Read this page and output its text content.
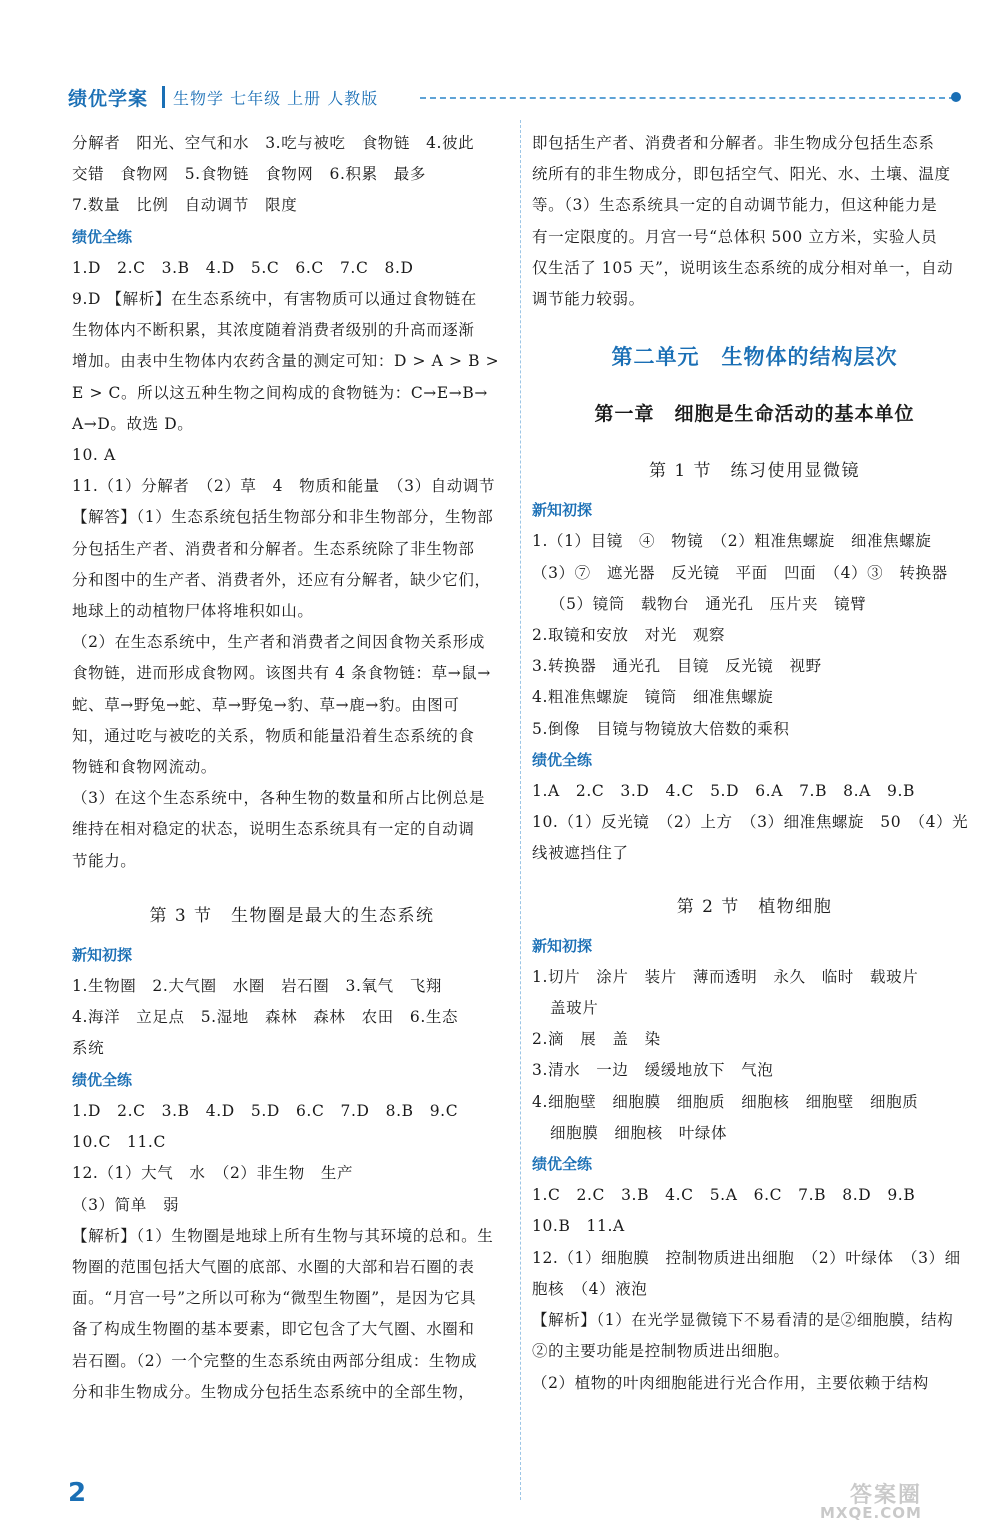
绩优学案 生物学 七年级 上册 人教版
分解者　阳光、空气和水　3.吃与被吃　食物链　4.彼此
交错　食物网　5.食物链　食物网　6.积累　最多
7.数量　比例　自动调节　限度
绩优全练
1.D　2.C　3.B　4.D　5.C　6.C　7.C　8.D
9.D 【解析】在生态系统中，有害物质可以通过食物链在
生物体内不断积累，其浓度随着消费者级别的升高而逐渐
增加。由表中生物体内农药含量的测定可知：D > A > B >
E > C。所以这五种生物之间构成的食物链为：C→E→B→
A→D。故选 D。
10. A
11.（1）分解者　（2）草　4　物质和能量　（3）自动调节
【解答】（1）生态系统包括生物部分和非生物部分，生物部
分包括生产者、消费者和分解者。生态系统除了非生物部
分和图中的生产者、消费者外，还应有分解者，缺少它们，
地球上的动植物尸体将堆积如山。
（2）在生态系统中，生产者和消费者之间因食物关系形成
食物链，进而形成食物网。该图共有 4 条食物链：草→鼠→
蛇、草→野兔→蛇、草→野兔→豹、草→鹿→豹。由图可
知，通过吃与被吃的关系，物质和能量沿着生态系统的食
物链和食物网流动。
（3）在这个生态系统中，各种生物的数量和所占比例总是
维持在相对稳定的状态，说明生态系统具有一定的自动调
节能力。
第 3 节　生物圈是最大的生态系统
新知初探
1.生物圈　2.大气圈　水圈　岩石圈　3.氧气　飞翔
4.海洋　立足点　5.湿地　森林　森林　农田　6.生态
系统
绩优全练
1.D　2.C　3.B　4.D　5.D　6.C　7.D　8.B　9.C
10.C　11.C
12.（1）大气　水　（2）非生物　生产
（3）简单　弱
【解析】（1）生物圈是地球上所有生物与其环境的总和。生
物圈的范围包括大气圈的底部、水圈的大部和岩石圈的表
面。“月宫一号”之所以可称为“微型生物圈”，是因为它具
备了构成生物圈的基本要素，即它包含了大气圈、水圈和
岩石圈。（2）一个完整的生态系统由两部分组成：生物成
分和非生物成分。生物成分包括生态系统中的全部生物，
即包括生产者、消费者和分解者。非生物成分包括生态系
统所有的非生物成分，即包括空气、阳光、水、土壤、温度
等。（3）生态系统具一定的自动调节能力，但这种能力是
有一定限度的。月宫一号“总体积 500 立方米，实验人员
仅生活了 105 天”，说明该生态系统的成分相对单一，自动
调节能力较弱。
第二单元　生物体的结构层次
第一章　细胞是生命活动的基本单位
第 1 节　练习使用显微镜
新知初探
1.（1）目镜　④　物镜　（2）粗准焦螺旋　细准焦螺旋
（3）⑦　遮光器　反光镜　平面　凹面　（4）③　转换器
（5）镜筒　载物台　通光孔　压片夹　镜臂
2.取镜和安放　对光　观察
3.转换器　通光孔　目镜　反光镜　视野
4.粗准焦螺旋　镜筒　细准焦螺旋
5.倒像　目镜与物镜放大倍数的乘积
绩优全练
1.A　2.C　3.D　4.C　5.D　6.A　7.B　8.A　9.B
10.（1）反光镜　（2）上方　（3）细准焦螺旋　50　（4）光
线被遮挡住了
第 2 节　植物细胞
新知初探
1.切片　涂片　装片　薄而透明　永久　临时　载玻片
盖玻片
2.滴　展　盖　染
3.清水　一边　缓缓地放下　气泡
4.细胞壁　细胞膜　细胞质　细胞核　细胞壁　细胞质
细胞膜　细胞核　叶绿体
绩优全练
1.C　2.C　3.B　4.C　5.A　6.C　7.B　8.D　9.B
10.B　11.A
12.（1）细胞膜　控制物质进出细胞　（2）叶绿体　（3）细
胞核　（4）液泡
【解析】（1）在光学显微镜下不易看清的是②细胞膜，结构
②的主要功能是控制物质进出细胞。
（2）植物的叶肉细胞能进行光合作用，主要依赖于结构
2	答案圈
MXQE.COM
